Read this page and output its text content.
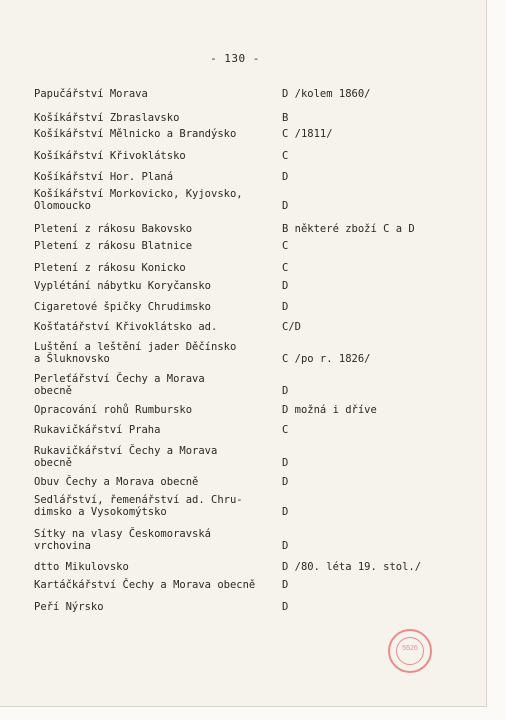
- 130 -
Papučářství Morava	D /kolem 1860/
Košíkářství Zbraslavsko	B
Košíkářství Mělnicko a Brandýsko	C /1811/
Košíkářství Křivoklátsko	C
Košíkářství Hor. Planá	D
Košíkářství Morkovicko, Kyjovsko,
Olomoucko	D
Pletení z rákosu Bakovsko	B některé zboží C a D
Pletení z rákosu Blatnice	C
Pletení z rákosu Konicko	C
Vyplétání nábytku Koryčansko	D
Cigaretové špičky Chrudimsko	D
Košťatářství Křivoklátsko ad.	C/D
Luštění a leštění jader Děčínsko
a Šluknovsko	C /po r. 1826/
Perleťářství Čechy a Morava
obecně	D
Opracování rohů Rumbursko	D možná i dříve
Rukavičkářství Praha	C
Rukavičkářství Čechy a Morava
obecně	D
Obuv Čechy a Morava obecně	D
Sedlářství, řemenářství ad. Chru-
dimsko a Vysokomýtsko	D
Sítky na vlasy Českomoravská
vrchovina	D
dtto Mikulovsko	D /80. léta 19. stol./
Kartáčkářství Čechy a Morava obecně	D
Peří Nýrsko	D
5526
